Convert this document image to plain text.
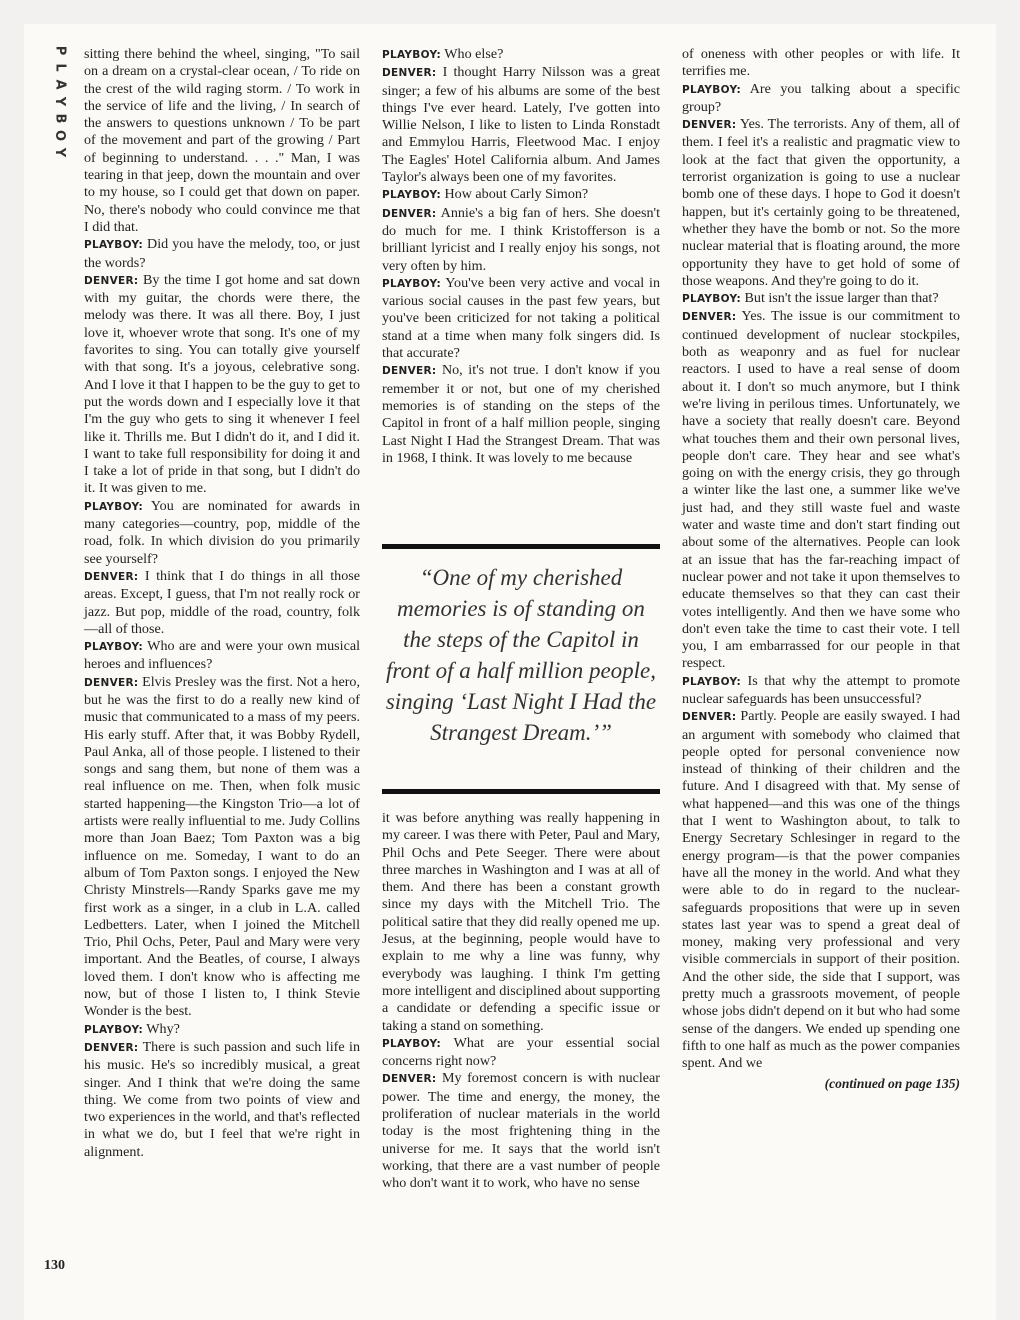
P
L
A
Y
B
O
Y
130

sitting there behind the wheel, singing, "To sail on a dream on a crystal-clear ocean, / To ride on the crest of the wild raging storm. / To work in the service of life and the living, / In search of the answers to questions unknown / To be part of the movement and part of the growing / Part of beginning to understand. . . ." Man, I was tearing in that jeep, down the mountain and over to my house, so I could get that down on paper. No, there's nobody who could convince me that I did that.

PLAYBOY: Did you have the melody, too, or just the words?

DENVER: By the time I got home and sat down with my guitar, the chords were there, the melody was there. It was all there. Boy, I just love it, whoever wrote that song. It's one of my favorites to sing. You can totally give yourself with that song. It's a joyous, celebrative song. And I love it that I happen to be the guy to get to put the words down and I especially love it that I'm the guy who gets to sing it whenever I feel like it. Thrills me. But I didn't do it, and I did it. I want to take full responsibility for doing it and I take a lot of pride in that song, but I didn't do it. It was given to me.

PLAYBOY: You are nominated for awards in many categories—country, pop, middle of the road, folk. In which division do you primarily see yourself?

DENVER: I think that I do things in all those areas. Except, I guess, that I'm not really rock or jazz. But pop, middle of the road, country, folk—all of those.

PLAYBOY: Who are and were your own musical heroes and influences?

DENVER: Elvis Presley was the first. Not a hero, but he was the first to do a really new kind of music that communicated to a mass of my peers. His early stuff. After that, it was Bobby Rydell, Paul Anka, all of those people. I listened to their songs and sang them, but none of them was a real influence on me. Then, when folk music started happening—the Kingston Trio—a lot of artists were really influential to me. Judy Collins more than Joan Baez; Tom Paxton was a big influence on me. Someday, I want to do an album of Tom Paxton songs. I enjoyed the New Christy Minstrels—Randy Sparks gave me my first work as a singer, in a club in L.A. called Ledbetters. Later, when I joined the Mitchell Trio, Phil Ochs, Peter, Paul and Mary were very important. And the Beatles, of course, I always loved them. I don't know who is affecting me now, but of those I listen to, I think Stevie Wonder is the best.

PLAYBOY: Why?

DENVER: There is such passion and such life in his music. He's so incredibly musical, a great singer. And I think that we're doing the same thing. We come from two points of view and two experiences in the world, and that's reflected in what we do, but I feel that we're right in alignment.

PLAYBOY: Who else?

DENVER: I thought Harry Nilsson was a great singer; a few of his albums are some of the best things I've ever heard. Lately, I've gotten into Willie Nelson, I like to listen to Linda Ronstadt and Emmylou Harris, Fleetwood Mac. I enjoy The Eagles' Hotel California album. And James Taylor's always been one of my favorites.

PLAYBOY: How about Carly Simon?

DENVER: Annie's a big fan of hers. She doesn't do much for me. I think Kristofferson is a brilliant lyricist and I really enjoy his songs, not very often by him.

PLAYBOY: You've been very active and vocal in various social causes in the past few years, but you've been criticized for not taking a political stand at a time when many folk singers did. Is that accurate?

DENVER: No, it's not true. I don't know if you remember it or not, but one of my cherished memories is of standing on the steps of the Capitol in front of a half million people, singing Last Night I Had the Strangest Dream. That was in 1968, I think. It was lovely to me because

“One of my cherished memories is of standing on the steps of the Capitol in front of a half million people, singing ‘Last Night I Had the Strangest Dream.’”

it was before anything was really happening in my career. I was there with Peter, Paul and Mary, Phil Ochs and Pete Seeger. There were about three marches in Washington and I was at all of them. And there has been a constant growth since my days with the Mitchell Trio. The political satire that they did really opened me up. Jesus, at the beginning, people would have to explain to me why a line was funny, why everybody was laughing. I think I'm getting more intelligent and disciplined about supporting a candidate or defending a specific issue or taking a stand on something.

PLAYBOY: What are your essential social concerns right now?

DENVER: My foremost concern is with nuclear power. The time and energy, the money, the proliferation of nuclear materials in the world today is the most frightening thing in the universe for me. It says that the world isn't working, that there are a vast number of people who don't want it to work, who have no sense

of oneness with other peoples or with life. It terrifies me.

PLAYBOY: Are you talking about a specific group?

DENVER: Yes. The terrorists. Any of them, all of them. I feel it's a realistic and pragmatic view to look at the fact that given the opportunity, a terrorist organization is going to use a nuclear bomb one of these days. I hope to God it doesn't happen, but it's certainly going to be threatened, whether they have the bomb or not. So the more nuclear material that is floating around, the more opportunity they have to get hold of some of those weapons. And they're going to do it.

PLAYBOY: But isn't the issue larger than that?

DENVER: Yes. The issue is our commitment to continued development of nuclear stockpiles, both as weaponry and as fuel for nuclear reactors. I used to have a real sense of doom about it. I don't so much anymore, but I think we're living in perilous times. Unfortunately, we have a society that really doesn't care. Beyond what touches them and their own personal lives, people don't care. They hear and see what's going on with the energy crisis, they go through a winter like the last one, a summer like we've just had, and they still waste fuel and waste water and waste time and don't start finding out about some of the alternatives. People can look at an issue that has the far-reaching impact of nuclear power and not take it upon themselves to educate themselves so that they can cast their votes intelligently. And then we have some who don't even take the time to cast their vote. I tell you, I am embarrassed for our people in that respect.

PLAYBOY: Is that why the attempt to promote nuclear safeguards has been unsuccessful?

DENVER: Partly. People are easily swayed. I had an argument with somebody who claimed that people opted for personal convenience now instead of thinking of their children and the future. And I disagreed with that. My sense of what happened—and this was one of the things that I went to Washington about, to talk to Energy Secretary Schlesinger in regard to the energy program—is that the power companies have all the money in the world. And what they were able to do in regard to the nuclear-safeguards propositions that were up in seven states last year was to spend a great deal of money, making very professional and very visible commercials in support of their position. And the other side, the side that I support, was pretty much a grassroots movement, of people whose jobs didn't depend on it but who had some sense of the dangers. We ended up spending one fifth to one half as much as the power companies spent. And we

(continued on page 135)
